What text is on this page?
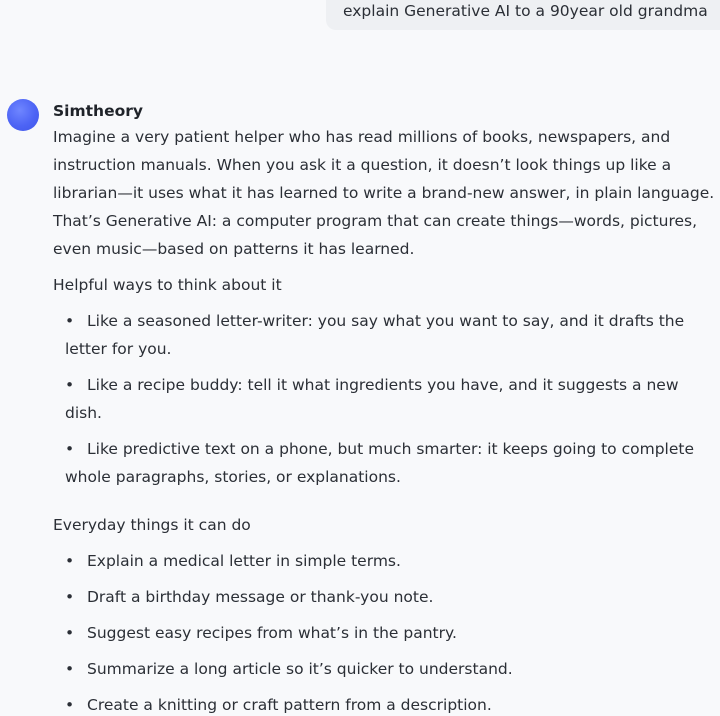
explain Generative AI to a 90year old grandma
Simtheory

Imagine a very patient helper who has read millions of books, newspapers, and
instruction manuals. When you ask it a question, it doesn’t look things up like a
librarian—it uses what it has learned to write a brand-new answer, in plain language.
That’s Generative AI: a computer program that can create things—words, pictures,
even music—based on patterns it has learned.

Helpful ways to think about it

• Like a seasoned letter-writer: you say what you want to say, and it drafts the
letter for you.
• Like a recipe buddy: tell it what ingredients you have, and it suggests a new
dish.
• Like predictive text on a phone, but much smarter: it keeps going to complete
whole paragraphs, stories, or explanations.

Everyday things it can do

• Explain a medical letter in simple terms.
• Draft a birthday message or thank-you note.
• Suggest easy recipes from what’s in the pantry.
• Summarize a long article so it’s quicker to understand.
• Create a knitting or craft pattern from a description.
